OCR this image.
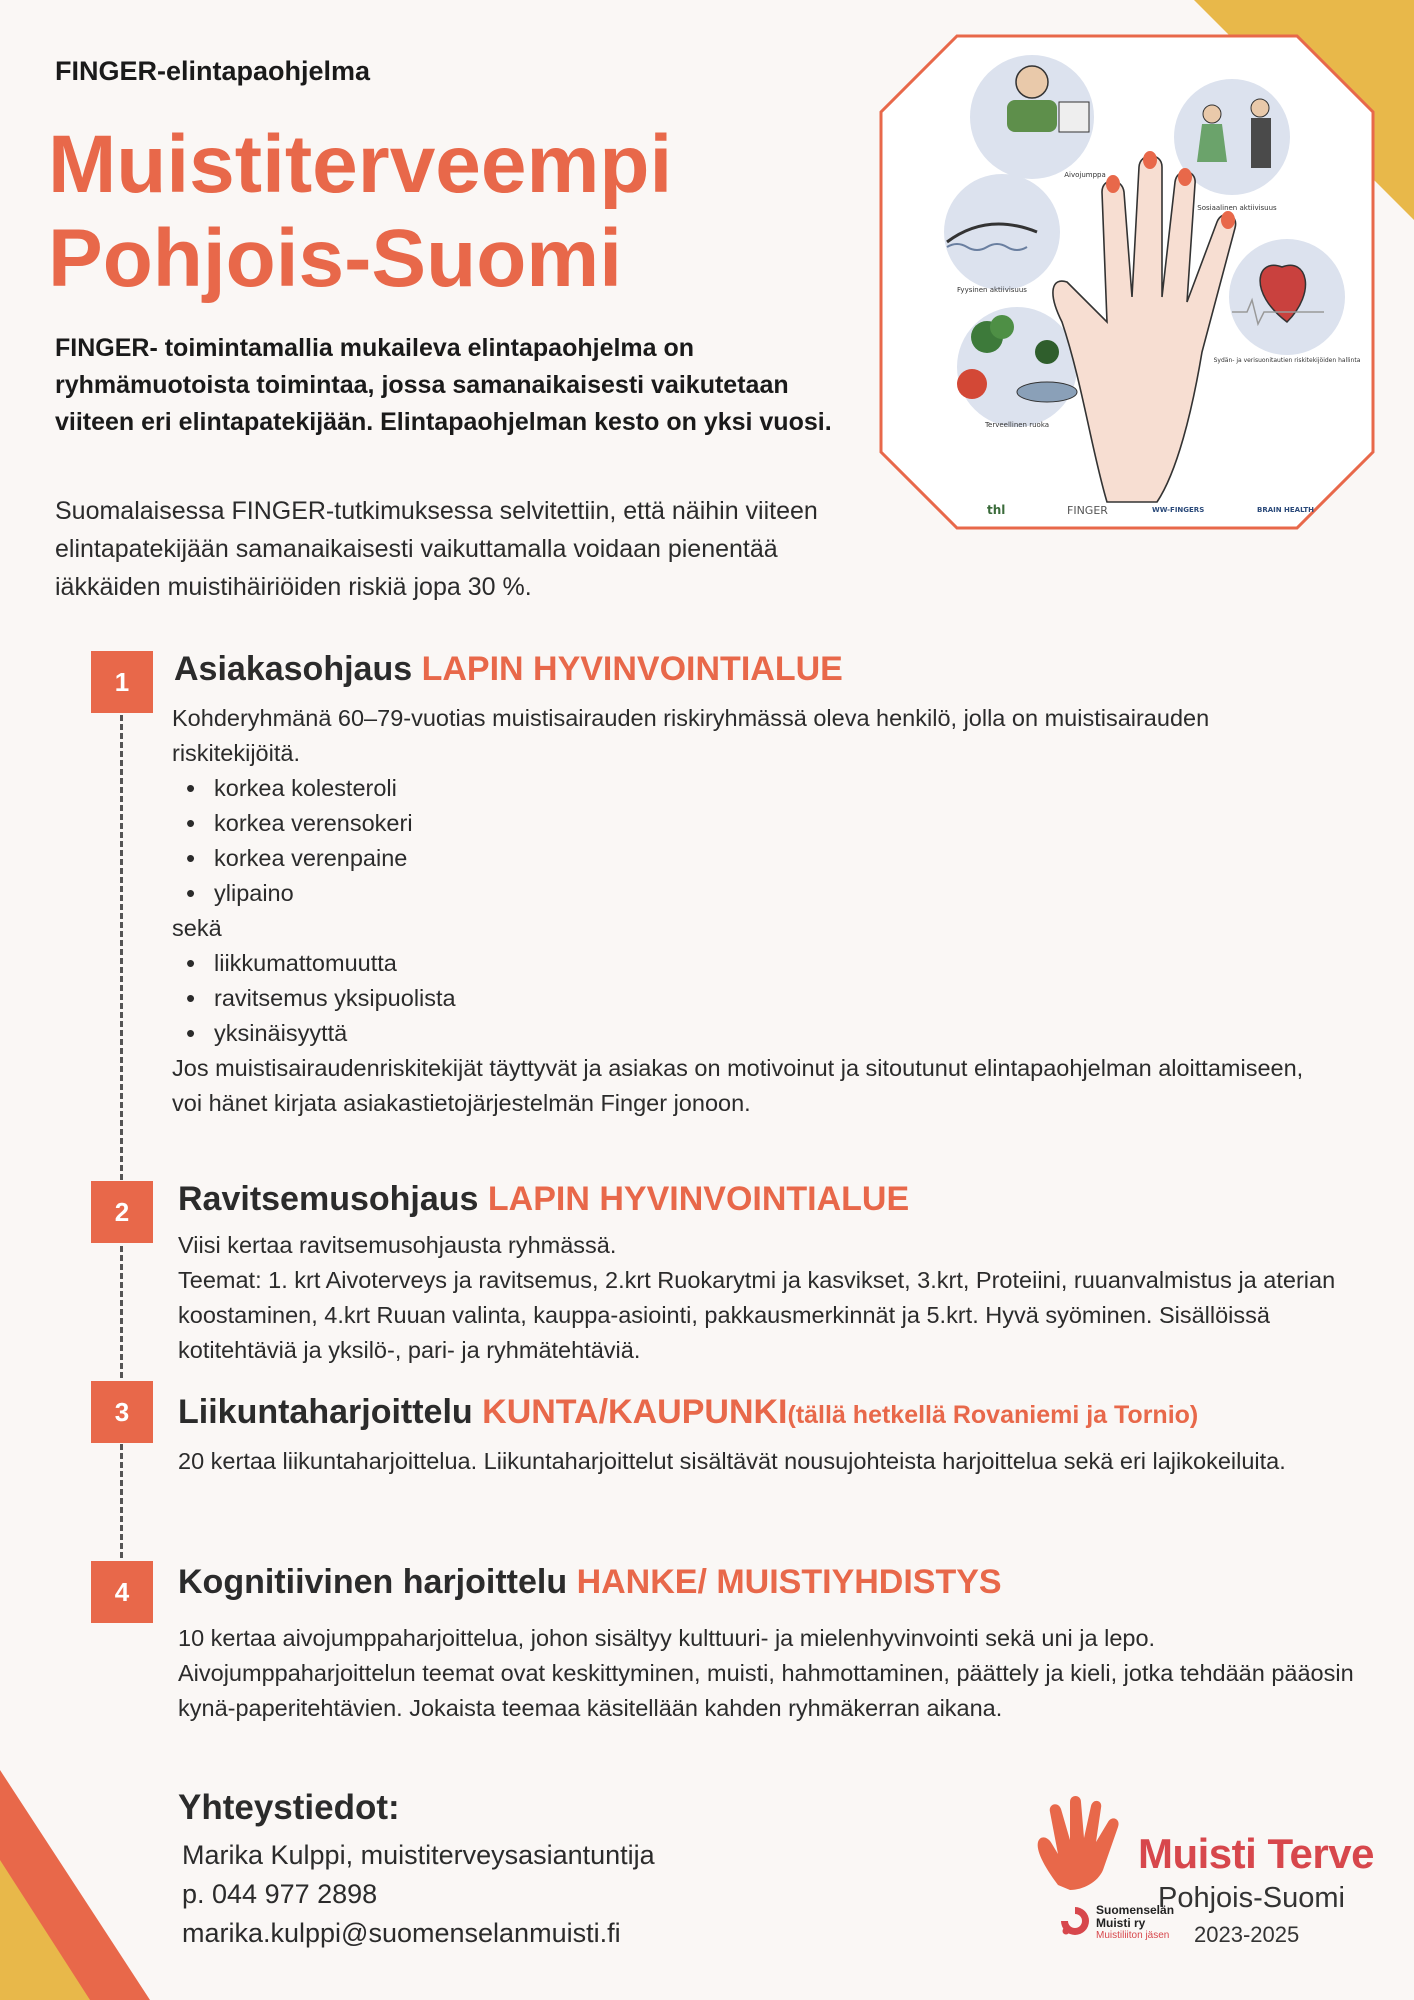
FINGER-elintapaohjelma
Muistiterveempi
Pohjois-Suomi
FINGER- toimintamallia mukaileva elintapaohjelma on ryhmämuotoista toimintaa, jossa samanaikaisesti vaikutetaan viiteen eri elintapatekijään. Elintapaohjelman kesto on yksi vuosi.
Suomalaisessa FINGER-tutkimuksessa selvitettiin, että näihin viiteen elintapatekijään samanaikaisesti vaikuttamalla voidaan pienentää iäkkäiden muistihäiriöiden riskiä jopa 30 %.
Aivojumppa
Sosiaalinen aktiivisuus
Fyysinen aktiivisuus
Sydän- ja verisuonitautien riskitekijöiden hallinta
Terveellinen ruoka
thl	FINGER	WW-FINGERS	BRAIN HEALTH
1	Asiakasohjaus LAPIN HYVINVOINTIALUE

Kohderyhmänä 60–79-vuotias muistisairauden riskiryhmässä oleva henkilö, jolla on muistisairauden riskitekijöitä.

• korkea kolesteroli
• korkea verensokeri
• korkea verenpaine
• ylipaino

sekä

• liikkumattomuutta
• ravitsemus yksipuolista
• yksinäisyyttä

Jos muistisairaudenriskitekijät täyttyvät ja asiakas on motivoinut ja sitoutunut elintapaohjelman aloittamiseen, voi hänet kirjata asiakastietojärjestelmän Finger jonoon.

2	Ravitsemusohjaus LAPIN HYVINVOINTIALUE

Viisi kertaa ravitsemusohjausta ryhmässä.

Teemat: 1. krt Aivoterveys ja ravitsemus, 2.krt Ruokarytmi ja kasvikset, 3.krt, Proteiini, ruuanvalmistus ja aterian koostaminen, 4.krt Ruuan valinta, kauppa-asiointi, pakkausmerkinnät ja 5.krt. Hyvä syöminen. Sisällöissä kotitehtäviä ja yksilö-, pari- ja ryhmätehtäviä.

3	Liikuntaharjoittelu KUNTA/KAUPUNKI(tällä hetkellä Rovaniemi ja Tornio)

20 kertaa liikuntaharjoittelua. Liikuntaharjoittelut sisältävät nousujohteista harjoittelua sekä eri lajikokeiluita.

4	Kognitiivinen harjoittelu HANKE/ MUISTIYHDISTYS

10 kertaa aivojumppaharjoittelua, johon sisältyy kulttuuri- ja mielenhyvinvointi sekä uni ja lepo. Aivojumppaharjoittelun teemat ovat keskittyminen, muisti, hahmottaminen, päättely ja kieli, jotka tehdään pääosin kynä-paperitehtävien. Jokaista teemaa käsitellään kahden ryhmäkerran aikana.

Yhteystiedot:
Marika Kulppi, muistiterveysasiantuntija
p. 044 977 2898
marika.kulppi@suomenselanmuisti.fi
Muisti Terve
Pohjois-Suomi
2023-2025
Suomenselän
Muisti ry
Muistiliiton jäsen
